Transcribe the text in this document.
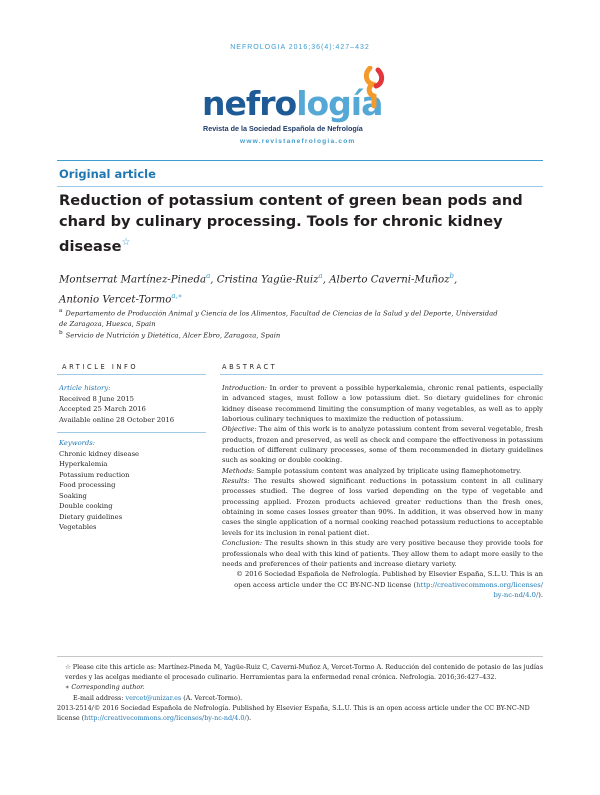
NEFROLOGIA 2016;36(4):427–432
nefrología
Revista de la Sociedad Española de Nefrología
www.revistanefrologia.com
Original article
Reduction of potassium content of green bean pods and chard by culinary processing. Tools for chronic kidney disease☆
Montserrat Martínez-Pineda$^a$, Cristina Yagüe-Ruiz$^a$, Alberto Caverni-Muñoz$^b$,
Antonio Vercet-Tormo$^{a,∗}$
$^a$ Departamento de Producción Animal y Ciencia de los Alimentos, Facultad de Ciencias de la Salud y del Deporte, Universidad de Zaragoza, Huesca, Spain
$^b$ Servicio de Nutrición y Dietética, Alcer Ebro, Zaragoza, Spain
ARTICLE INFO	ABSTRACT
Article history:
Received 8 June 2015
Accepted 25 March 2016
Available online 28 October 2016
Keywords:
Chronic kidney disease
Hyperkalemia
Potassium reduction
Food processing
Soaking
Double cooking
Dietary guidelines
Vegetables

Introduction: In order to prevent a possible hyperkalemia, chronic renal patients, especially in advanced stages, must follow a low potassium diet. So dietary guidelines for chronic kidney disease recommend limiting the consumption of many vegetables, as well as to apply laborious culinary techniques to maximize the reduction of potassium.

Objective: The aim of this work is to analyze potassium content from several vegetable, fresh products, frozen and preserved, as well as check and compare the effectiveness in potassium reduction of different culinary processes, some of them recommended in dietary guidelines such as soaking or double cooking.

Methods: Sample potassium content was analyzed by triplicate using flamephotometry.

Results: The results showed significant reductions in potassium content in all culinary processes studied. The degree of loss varied depending on the type of vegetable and processing applied. Frozen products achieved greater reductions than the fresh ones, obtaining in some cases losses greater than 90%. In addition, it was observed how in many cases the single application of a normal cooking reached potassium reductions to acceptable levels for its inclusion in renal patient diet.

Conclusion: The results shown in this study are very positive because they provide tools for professionals who deal with this kind of patients. They allow them to adapt more easily to the needs and preferences of their patients and increase dietary variety.

© 2016 Sociedad Española de Nefrología. Published by Elsevier España, S.L.U. This is an
open access article under the CC BY-NC-ND license (http://creativecommons.org/licenses/
by-nc-nd/4.0/).

☆ Please cite this article as: Martínez-Pineda M, Yagüe-Ruiz C, Caverni-Muñoz A, Vercet-Tormo A. Reducción del contenido de potasio de las judías verdes y las acelgas mediante el procesado culinario. Herramientas para la enfermedad renal crónica. Nefrologia. 2016;36:427–432.
∗ Corresponding author.
E-mail address: vercet@unizar.es (A. Vercet-Tormo).
2013-2514/© 2016 Sociedad Española de Nefrología. Published by Elsevier España, S.L.U. This is an open access article under the CC BY-NC-ND license (http://creativecommons.org/licenses/by-nc-nd/4.0/).
